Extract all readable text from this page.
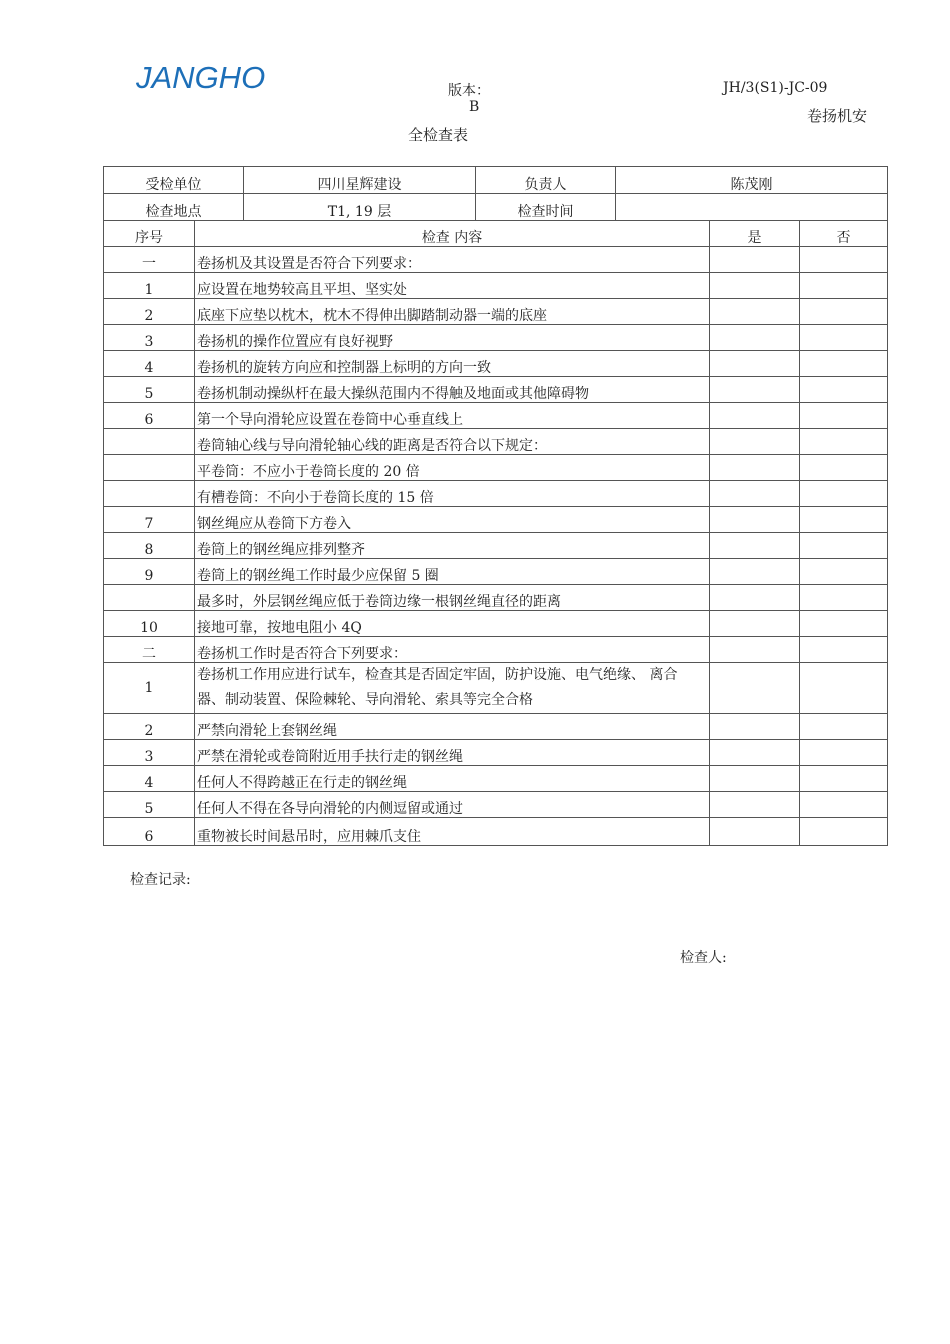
JANGHO	版本：
B
JH/3(S1)-JC-09
卷扬机安
全检查表
受检单位		四川星辉建设	负责人	陈茂刚		
检查地点		T1, 19 层	检查时间			
序号	检查 内容				是	否
一	卷扬机及其设置是否符合下列要求：					
1	应设置在地势较高且平坦、坚实处					
2	底座下应垫以枕木，枕木不得伸出脚踏制动器一端的底座					
3	卷扬机的操作位置应有良好视野					
4	卷扬机的旋转方向应和控制器上标明的方向一致					
5	卷扬机制动操纵杆在最大操纵范围内不得触及地面或其他障碍物					
6	第一个导向滑轮应设置在卷筒中心垂直线上					
	卷筒轴心线与导向滑轮轴心线的距离是否符合以下规定：					
	平卷筒：不应小于卷筒长度的 20 倍					
	有槽卷筒：不向小于卷筒长度的 15 倍					
7	钢丝绳应从卷筒下方卷入					
8	卷筒上的钢丝绳应排列整齐					
9	卷筒上的钢丝绳工作时最少应保留 5 圈					
	最多时，外层钢丝绳应低于卷筒边缘一根钢丝绳直径的距离					
10	接地可靠，按地电阻小 4Q					
二	卷扬机工作时是否符合下列要求：					
1	卷扬机工作用应进行试车，检查其是否固定牢固，防护设施、电气绝缘、 离合器、制动装置、保险棘轮、导向滑轮、索具等完全合格					
2	严禁向滑轮上套钢丝绳					
3	严禁在滑轮或卷筒附近用手扶行走的钢丝绳					
4	任何人不得跨越正在行走的钢丝绳					
5	任何人不得在各导向滑轮的内侧逗留或通过					
6	重物被长时间悬吊时，应用棘爪支住					
检查记录:
检查人:
